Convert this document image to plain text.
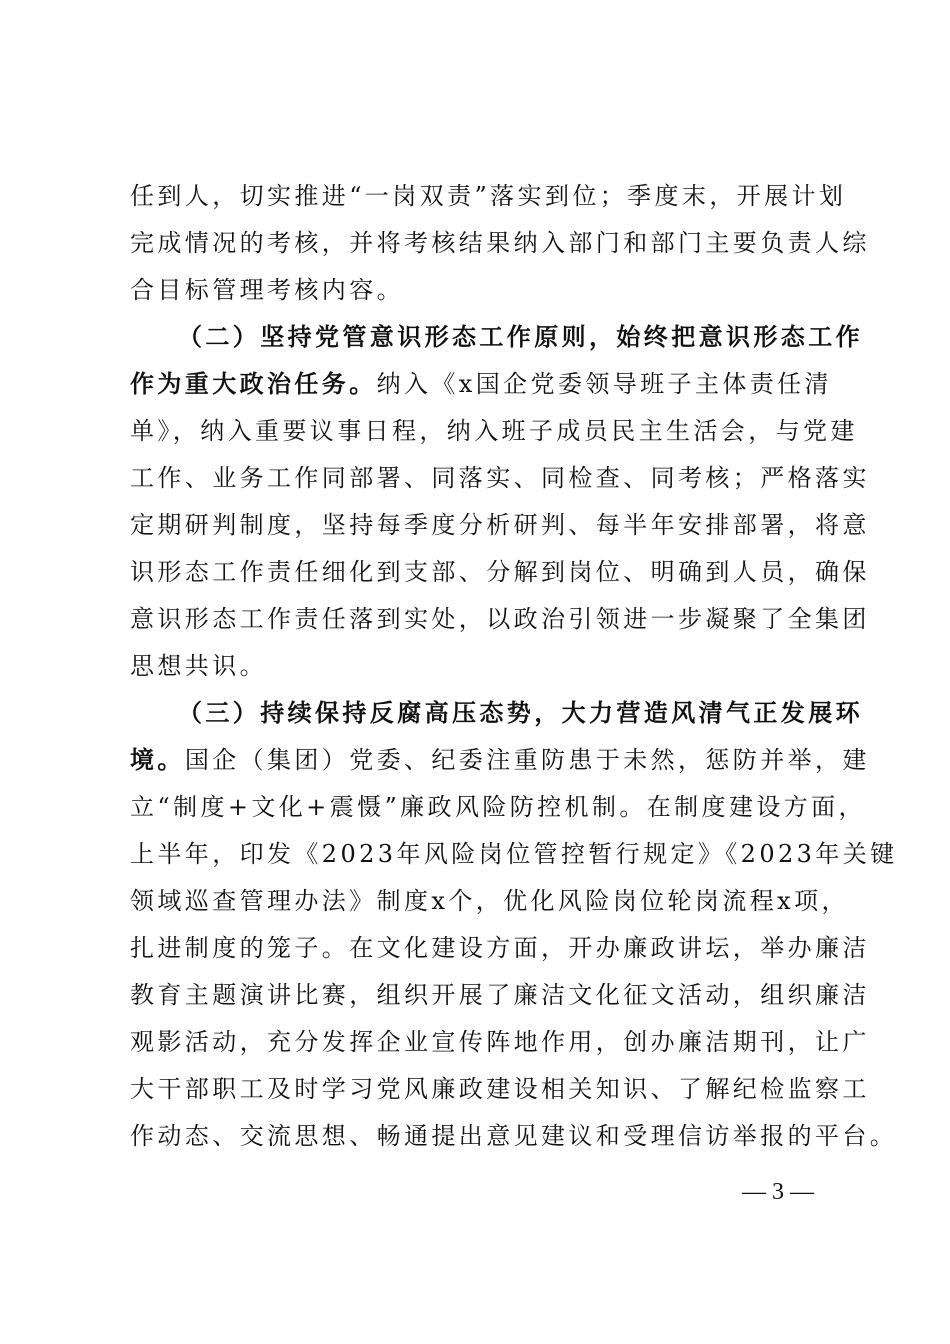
任到人，切实推进“一岗双责”落实到位；季度末，开展计划
完成情况的考核，并将考核结果纳入部门和部门主要负责人综
合目标管理考核内容。
（二）坚持党管意识形态工作原则，始终把意识形态工作
作为重大政治任务。纳入《x国企党委领导班子主体责任清
单》，纳入重要议事日程，纳入班子成员民主生活会，与党建
工作、业务工作同部署、同落实、同检查、同考核；严格落实
定期研判制度，坚持每季度分析研判、每半年安排部署，将意
识形态工作责任细化到支部、分解到岗位、明确到人员，确保
意识形态工作责任落到实处，以政治引领进一步凝聚了全集团
思想共识。
（三）持续保持反腐高压态势，大力营造风清气正发展环
境。国企（集团）党委、纪委注重防患于未然，惩防并举，建
立“制度+文化+震慑”廉政风险防控机制。在制度建设方面，
上半年，印发《2023年风险岗位管控暂行规定》《2023年关键
领域巡查管理办法》制度x个，优化风险岗位轮岗流程x项，
扎进制度的笼子。在文化建设方面，开办廉政讲坛，举办廉洁
教育主题演讲比赛，组织开展了廉洁文化征文活动，组织廉洁
观影活动，充分发挥企业宣传阵地作用，创办廉洁期刊，让广
大干部职工及时学习党风廉政建设相关知识、了解纪检监察工
作动态、交流思想、畅通提出意见建议和受理信访举报的平台。
— 3 —
